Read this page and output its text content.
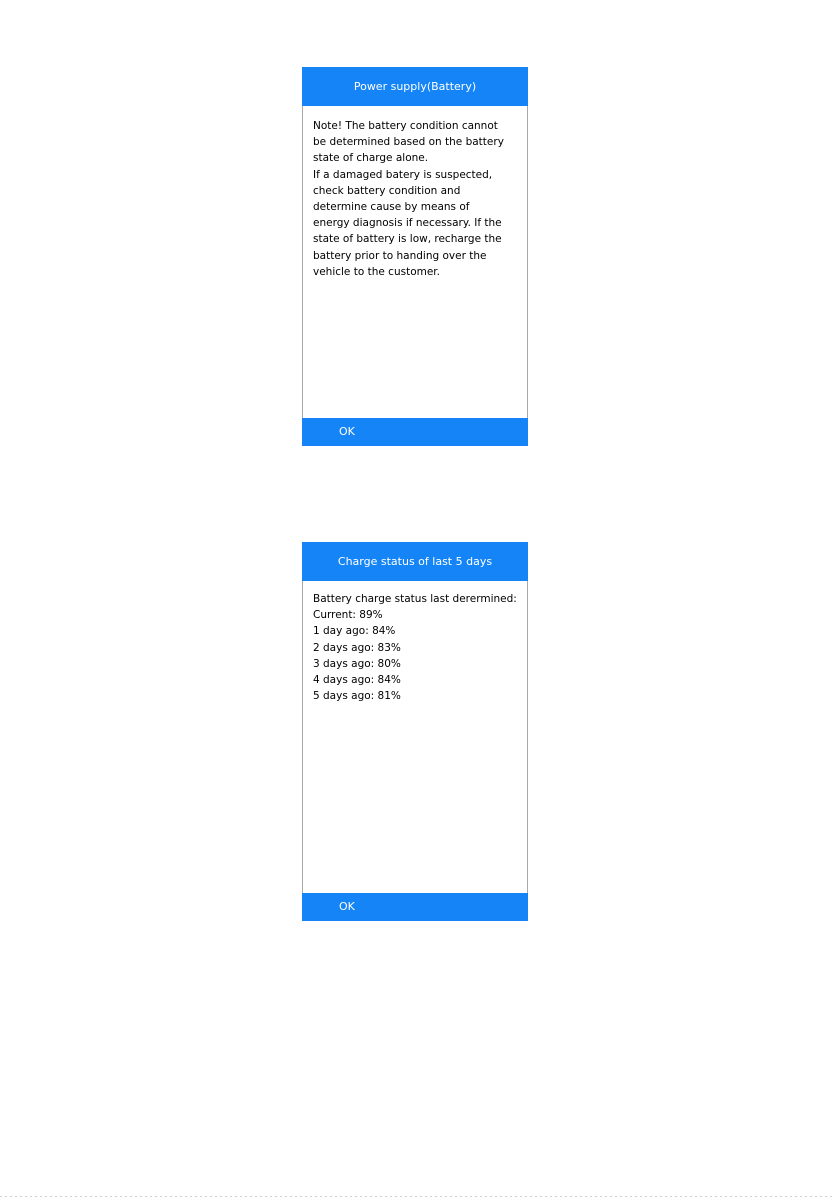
Power supply(Battery)
Note! The battery condition cannot
be determined based on the battery
state of charge alone.
If a damaged batery is suspected,
check battery condition and
determine cause by means of
energy diagnosis if necessary. If the
state of battery is low, recharge the
battery prior to handing over the
vehicle to the customer.
OK
Charge status of last 5 days
Battery charge status last derermined:
Current: 89%
1 day ago: 84%
2 days ago: 83%
3 days ago: 80%
4 days ago: 84%
5 days ago: 81%
OK
